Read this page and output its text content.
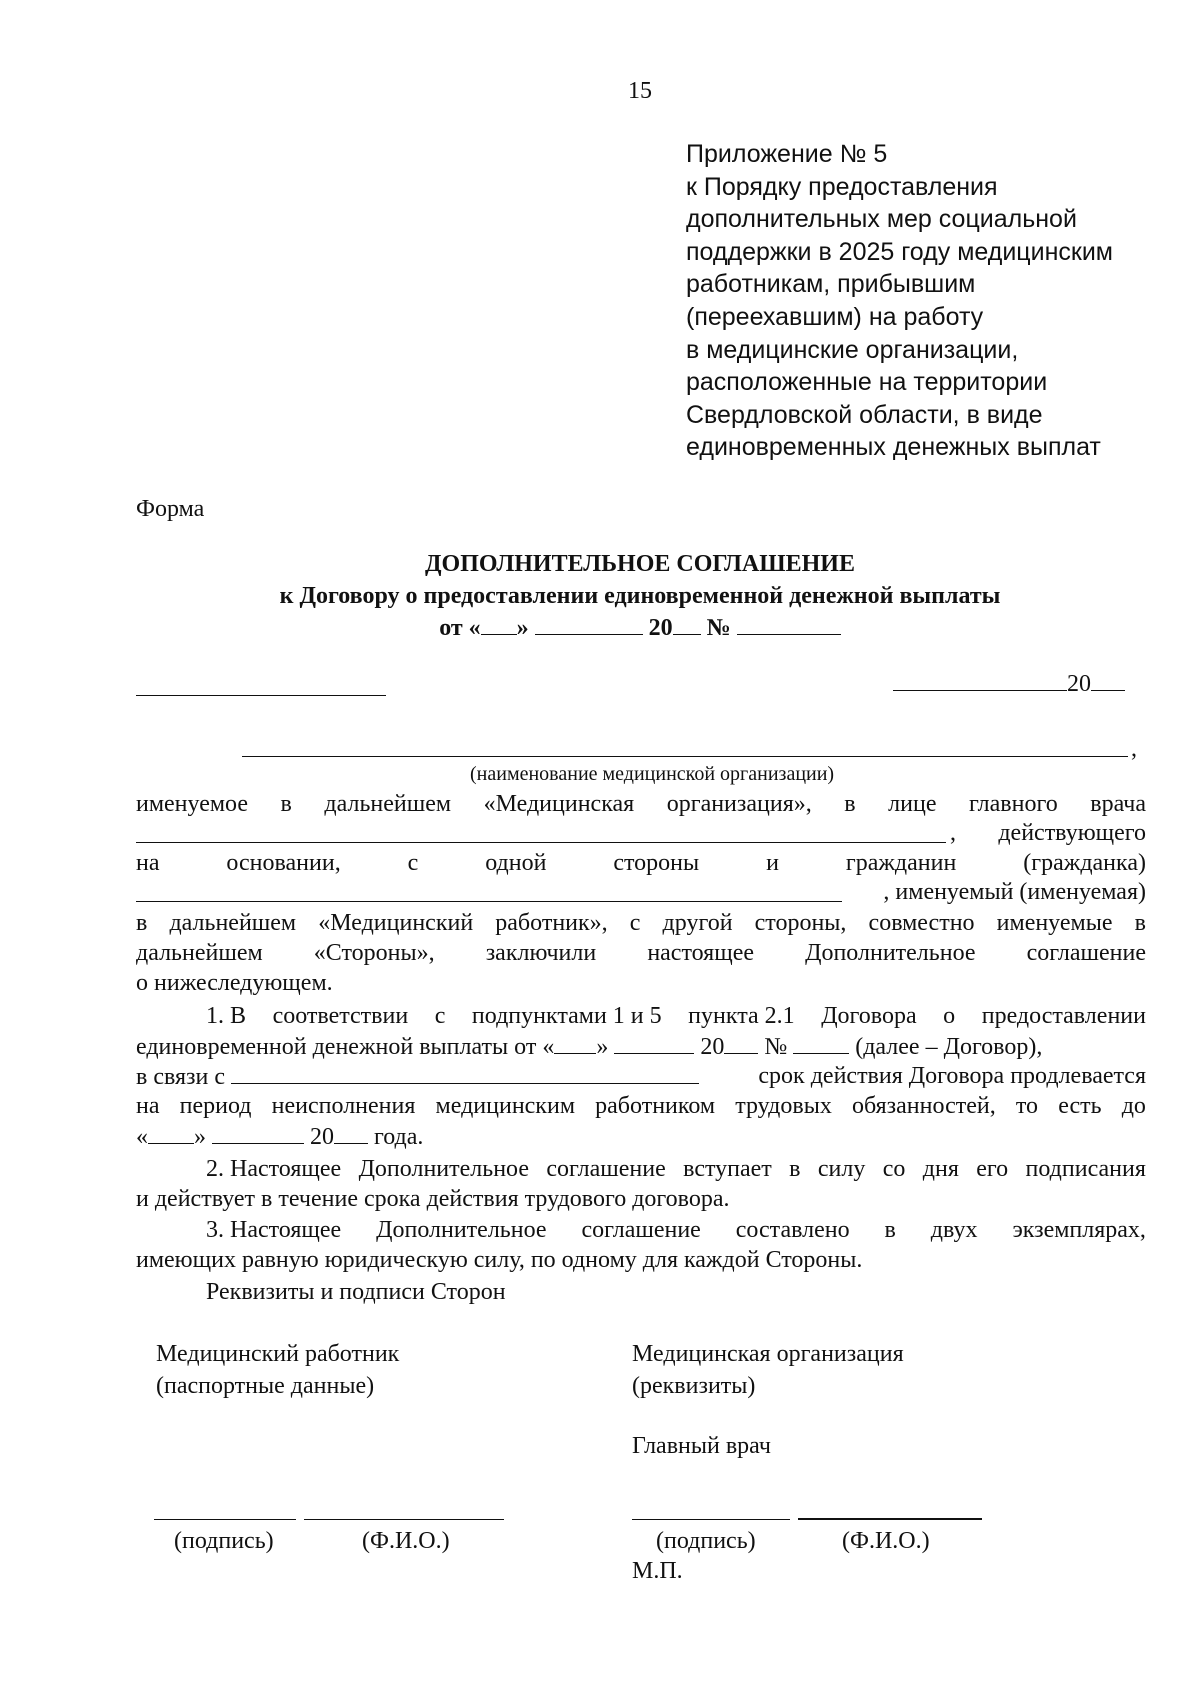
15
Приложение № 5
к Порядку предоставления
дополнительных мер социальной
поддержки в 2025 году медицинским
работникам, прибывшим
(переехавшим) на работу
в медицинские организации,
расположенные на территории
Свердловской области, в виде
единовременных денежных выплат
Форма
ДОПОЛНИТЕЛЬНОЕ СОГЛАШЕНИЕ
к Договору о предоставлении единовременной денежной выплаты
от « »	20 №
20
,
(наименование медицинской организации)
именуемое в дальнейшем «Медицинская организация», в лице главного врача
, действующего
на	основании,	с	одной	стороны	и	гражданин	(гражданка)
, именуемый (именуемая)
в дальнейшем «Медицинский работник», с другой стороны, совместно именуемые в
дальнейшем «Стороны», заключили настоящее Дополнительное соглашение
о нижеследующем.
1. В соответствии с подпунктами 1 и 5 пункта 2.1 Договора о предоставлении
единовременной денежной выплаты от « »	20 №	(далее – Договор),
в связи с	срок действия Договора продлевается
на период неисполнения медицинским работником трудовых обязанностей, то есть до
« »	20 года.
2. Настоящее Дополнительное соглашение вступает в силу со дня его подписания
и действует в течение срока действия трудового договора.
3. Настоящее Дополнительное соглашение составлено в двух экземплярах,
имеющих равную юридическую силу, по одному для каждой Стороны.
Реквизиты и подписи Сторон
Медицинский работник
(паспортные данные)
Медицинская организация
(реквизиты)
Главный врач
(подпись)	(Ф.И.О.)	(подпись)	(Ф.И.О.)
М.П.
